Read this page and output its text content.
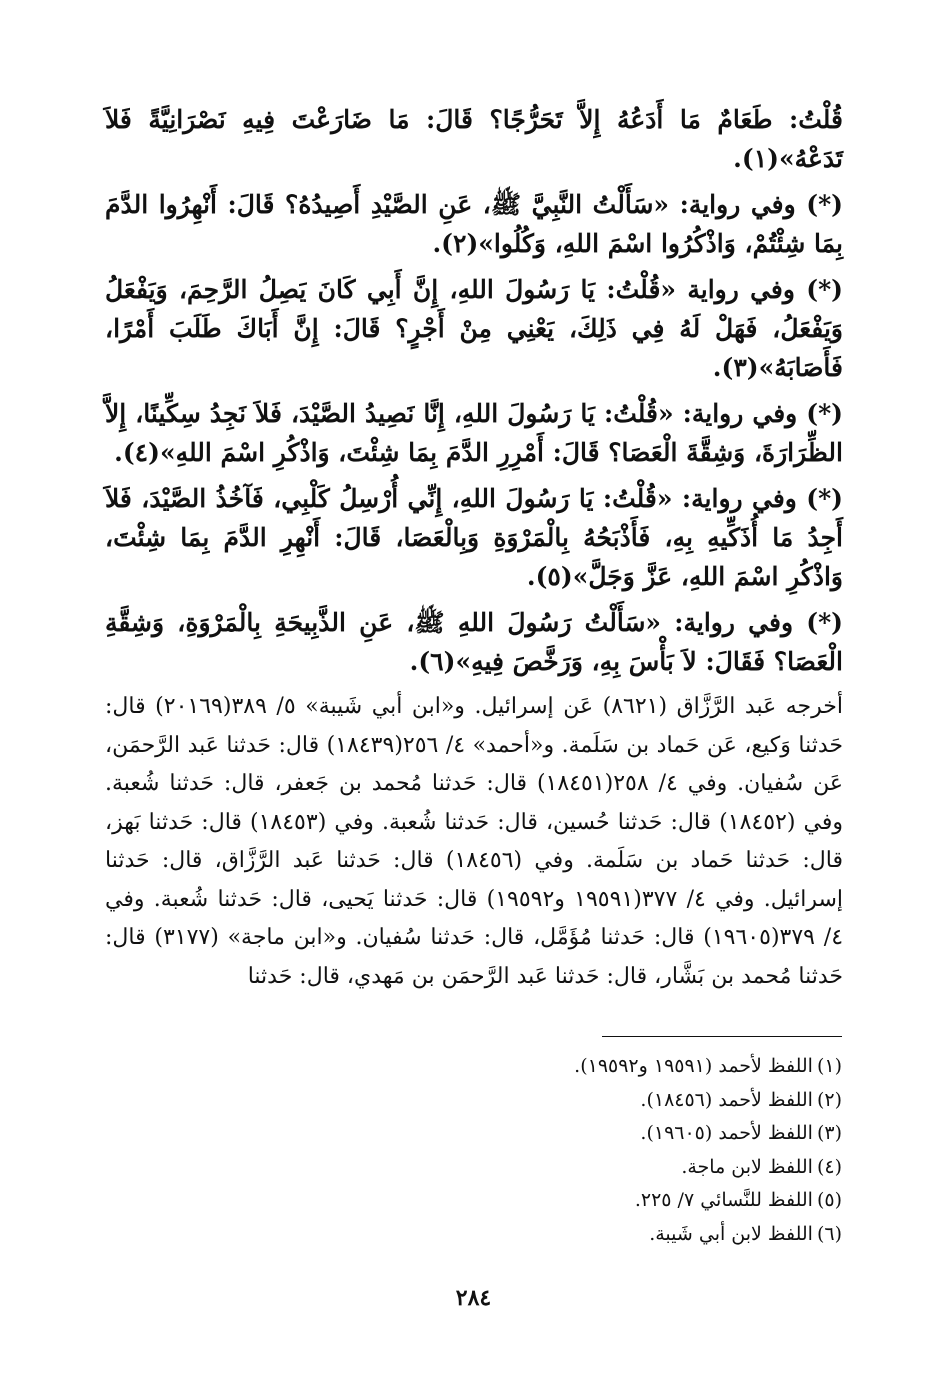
قُلْتُ: طَعَامٌ مَا أَدَعُهُ إِلاَّ تَحَرُّجًا؟ قَالَ: مَا ضَارَعْتَ فِيهِ نَصْرَانِيَّةً فَلاَ تَدَعْهُ»(١).

(*) وفي رواية: «سَأَلْتُ النَّبِيَّ ﷺ، عَنِ الصَّيْدِ أَصِيدُهُ؟ قَالَ: أَنْهِرُوا الدَّمَ بِمَا شِئْتُمْ، وَاذْكُرُوا اسْمَ اللهِ، وَكُلُوا»(٢).

(*) وفي رواية «قُلْتُ: يَا رَسُولَ اللهِ، إِنَّ أَبِي كَانَ يَصِلُ الرَّحِمَ، وَيَفْعَلُ وَيَفْعَلُ، فَهَلْ لَهُ فِي ذَلِكَ، يَعْنِي مِنْ أَجْرٍ؟ قَالَ: إِنَّ أَبَاكَ طَلَبَ أَمْرًا، فَأَصَابَهُ»(٣).

(*) وفي رواية: «قُلْتُ: يَا رَسُولَ اللهِ، إِنَّا نَصِيدُ الصَّيْدَ، فَلاَ نَجِدُ سِكِّينًا، إِلاَّ الظِّرَارَةَ، وَشِقَّةَ الْعَصَا؟ قَالَ: أَمْرِرِ الدَّمَ بِمَا شِئْتَ، وَاذْكُرِ اسْمَ اللهِ»(٤).

(*) وفي رواية: «قُلْتُ: يَا رَسُولَ اللهِ، إِنِّي أُرْسِلُ كَلْبِي، فَآخُذُ الصَّيْدَ، فَلاَ أَجِدُ مَا أُذَكِّيهِ بِهِ، فَأَذْبَحُهُ بِالْمَرْوَةِ وَبِالْعَصَا، قَالَ: أَنْهِرِ الدَّمَ بِمَا شِئْتَ، وَاذْكُرِ اسْمَ اللهِ، عَزَّ وَجَلَّ»(٥).

(*) وفي رواية: «سَأَلْتُ رَسُولَ اللهِ ﷺ، عَنِ الذَّبِيحَةِ بِالْمَرْوَةِ، وَشِقَّةِ الْعَصَا؟ فَقَالَ: لاَ بَأْسَ بِهِ، وَرَخَّصَ فِيهِ»(٦).

أخرجه عَبد الرَّزَّاق (٨٦٢١) عَن إسرائيل. و«ابن أبي شَيبة» ٥/ ٣٨٩(٢٠١٦٩) قال: حَدثنا وَكيع، عَن حَماد بن سَلَمة. و«أحمد» ٤/ ٢٥٦(١٨٤٣٩) قال: حَدثنا عَبد الرَّحمَن، عَن سُفيان. وفي ٤/ ٢٥٨(١٨٤٥١) قال: حَدثنا مُحمد بن جَعفر، قال: حَدثنا شُعبة. وفي (١٨٤٥٢) قال: حَدثنا حُسين، قال: حَدثنا شُعبة. وفي (١٨٤٥٣) قال: حَدثنا بَهز، قال: حَدثنا حَماد بن سَلَمة. وفي (١٨٤٥٦) قال: حَدثنا عَبد الرَّزَّاق، قال: حَدثنا إسرائيل. وفي ٤/ ٣٧٧(١٩٥٩١ و١٩٥٩٢) قال: حَدثنا يَحيى، قال: حَدثنا شُعبة. وفي ٤/ ٣٧٩(١٩٦٠٥) قال: حَدثنا مُؤَمَّل، قال: حَدثنا سُفيان. و«ابن ماجة» (٣١٧٧) قال: حَدثنا مُحمد بن بَشَّار، قال: حَدثنا عَبد الرَّحمَن بن مَهدي، قال: حَدثنا

(١)اللفظ لأحمد (١٩٥٩١ و١٩٥٩٢).
(٢)اللفظ لأحمد (١٨٤٥٦).
(٣)اللفظ لأحمد (١٩٦٠٥).
(٤)اللفظ لابن ماجة.
(٥)اللفظ للنَّسائي ٧/ ٢٢٥.
(٦)اللفظ لابن أبي شَيبة.
٢٨٤
